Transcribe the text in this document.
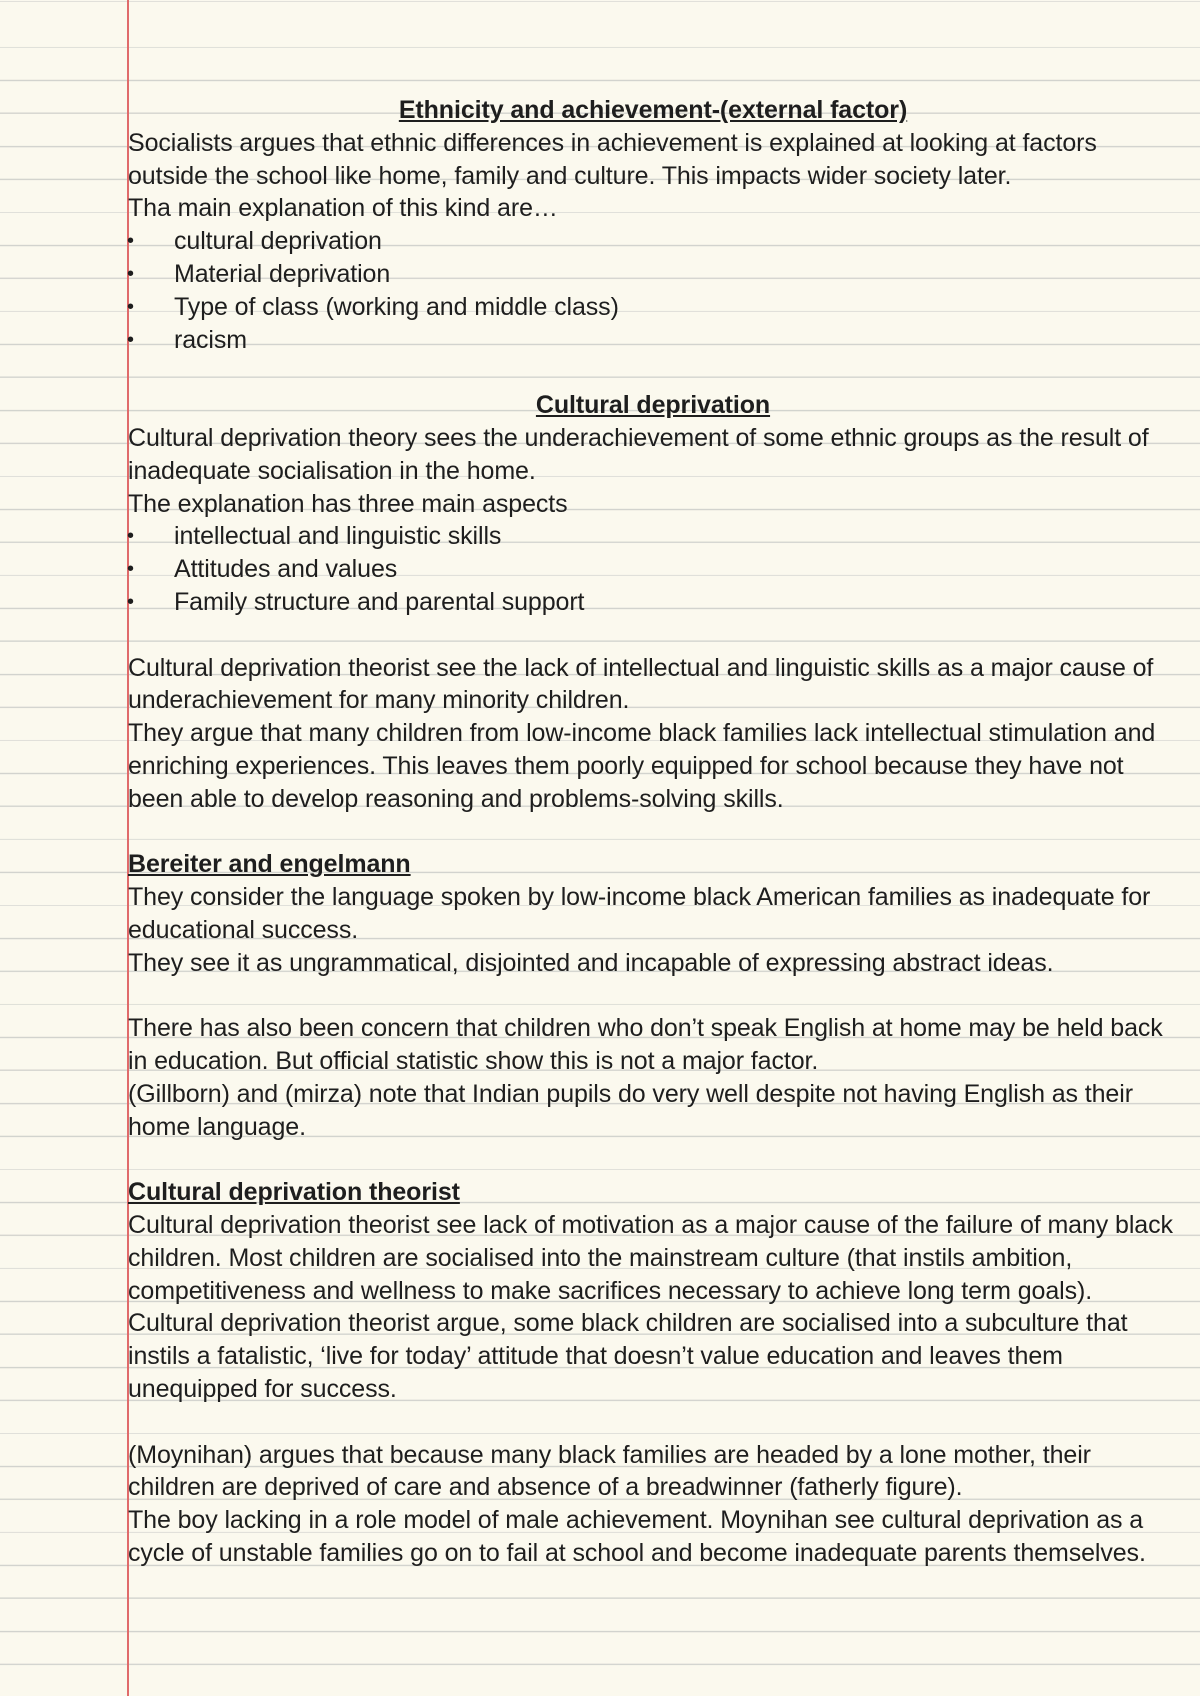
Ethnicity and achievement-(external factor)

Socialists argues that ethnic differences in achievement is explained at looking at factors outside the school like home, family and culture. This impacts wider society later.

Tha main explanation of this kind are…

• cultural deprivation
• Material deprivation
• Type of class (working and middle class)
• racism

Cultural deprivation

Cultural deprivation theory sees the underachievement of some ethnic groups as the result of inadequate socialisation in the home.

The explanation has three main aspects

• intellectual and linguistic skills
• Attitudes and values
• Family structure and parental support

Cultural deprivation theorist see the lack of intellectual and linguistic skills as a major cause of underachievement for many minority children.

They argue that many children from low-income black families lack intellectual stimulation and enriching experiences. This leaves them poorly equipped for school because they have not been able to develop reasoning and problems-solving skills.

Bereiter and engelmann

They consider the language spoken by low-income black American families as inadequate for educational success.

They see it as ungrammatical, disjointed and incapable of expressing abstract ideas.

There has also been concern that children who don’t speak English at home may be held back in education. But official statistic show this is not a major factor.

(Gillborn) and (mirza) note that Indian pupils do very well despite not having English as their home language.

Cultural deprivation theorist

Cultural deprivation theorist see lack of motivation as a major cause of the failure of many black children. Most children are socialised into the mainstream culture (that instils ambition, competitiveness and wellness to make sacrifices necessary to achieve long term goals).

Cultural deprivation theorist argue, some black children are socialised into a subculture that instils a fatalistic, ‘live for today’ attitude that doesn’t value education and leaves them unequipped for success.

(Moynihan) argues that because many black families are headed by a lone mother, their children are deprived of care and absence of a breadwinner (fatherly figure).

The boy lacking in a role model of male achievement. Moynihan see cultural deprivation as a cycle of unstable families go on to fail at school and become inadequate parents themselves.
